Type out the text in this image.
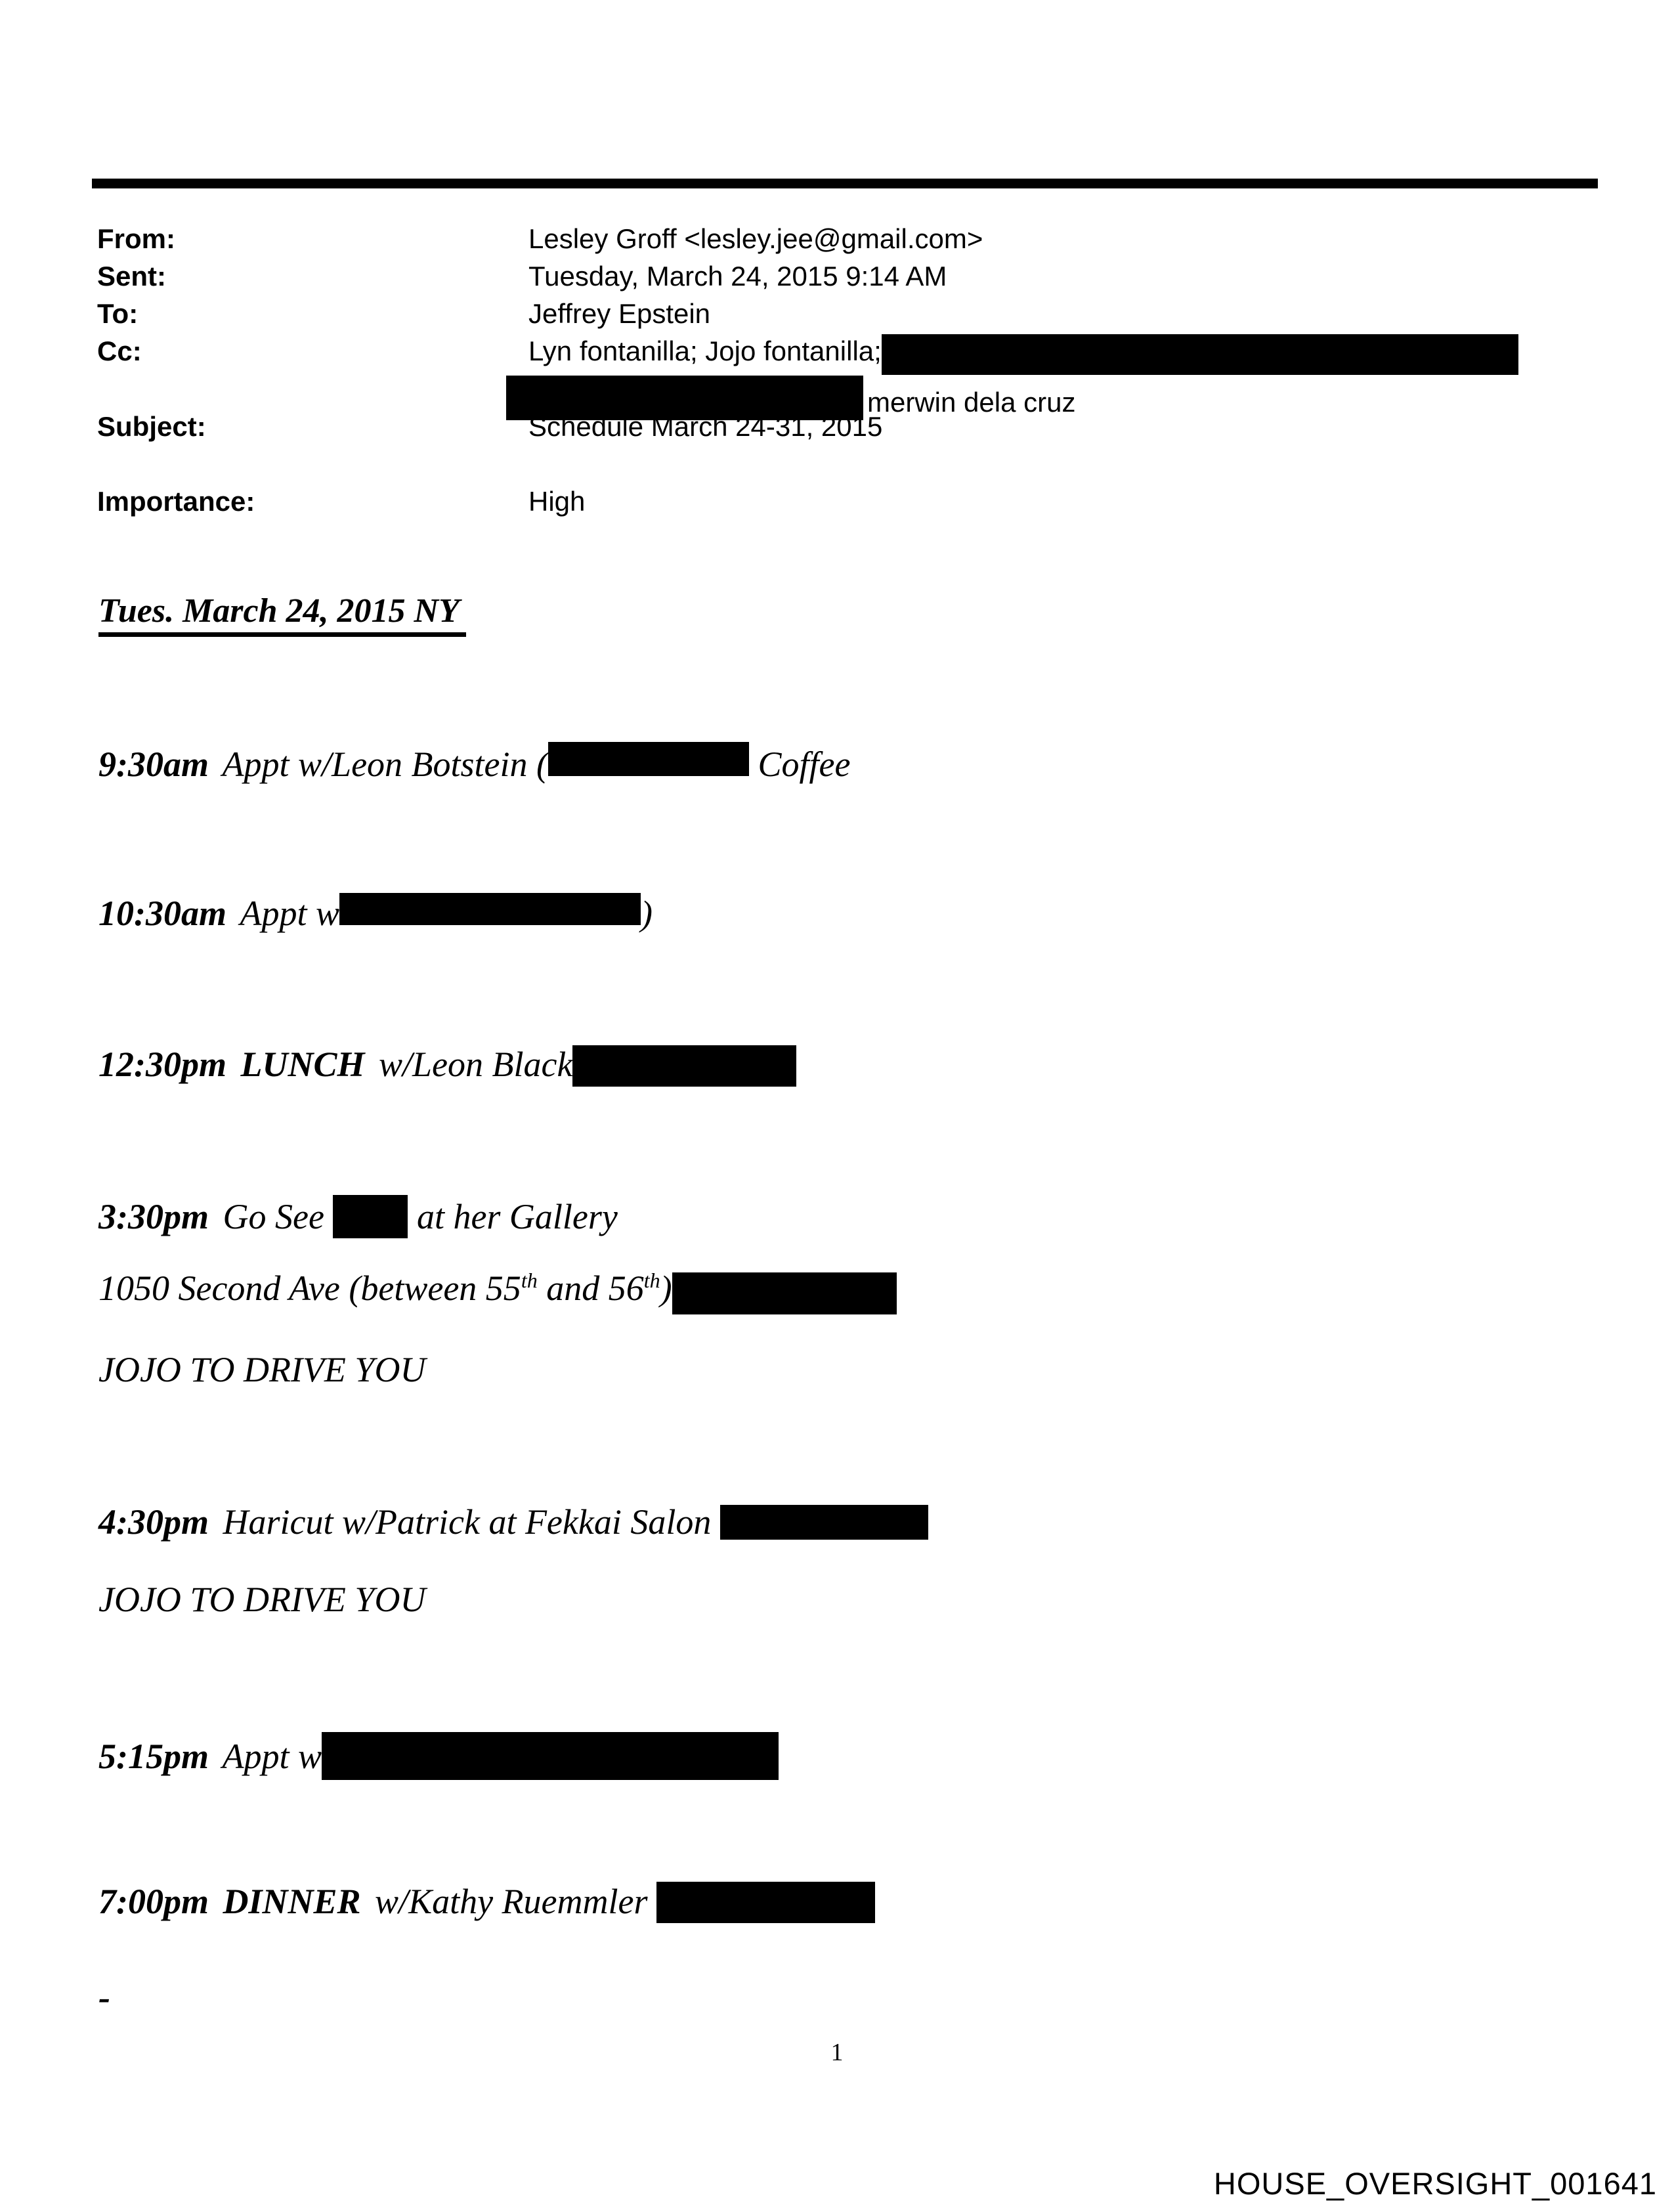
From:	Lesley Groff <lesley.jee@gmail.com>
Sent:	Tuesday, March 24, 2015 9:14 AM
To:	Jeffrey Epstein
Cc:	Lyn fontanilla; Jojo fontanilla;
merwin dela cruz
Subject:	Schedule March 24-31, 2015
Importance:	High
Tues. March 24, 2015 NY
9:30am Appt w/Leon Botstein (	Coffee
10:30am Appt w	)
12:30pm LUNCH w/Leon Black
3:30pm Go See	at her Gallery
1050 Second Ave (between 55th and 56th)
JOJO TO DRIVE YOU
4:30pm Haricut w/Patrick at Fekkai Salon
JOJO TO DRIVE YOU
5:15pm Appt w
7:00pm DINNER w/Kathy Ruemmler
-
1
HOUSE_OVERSIGHT_001641
